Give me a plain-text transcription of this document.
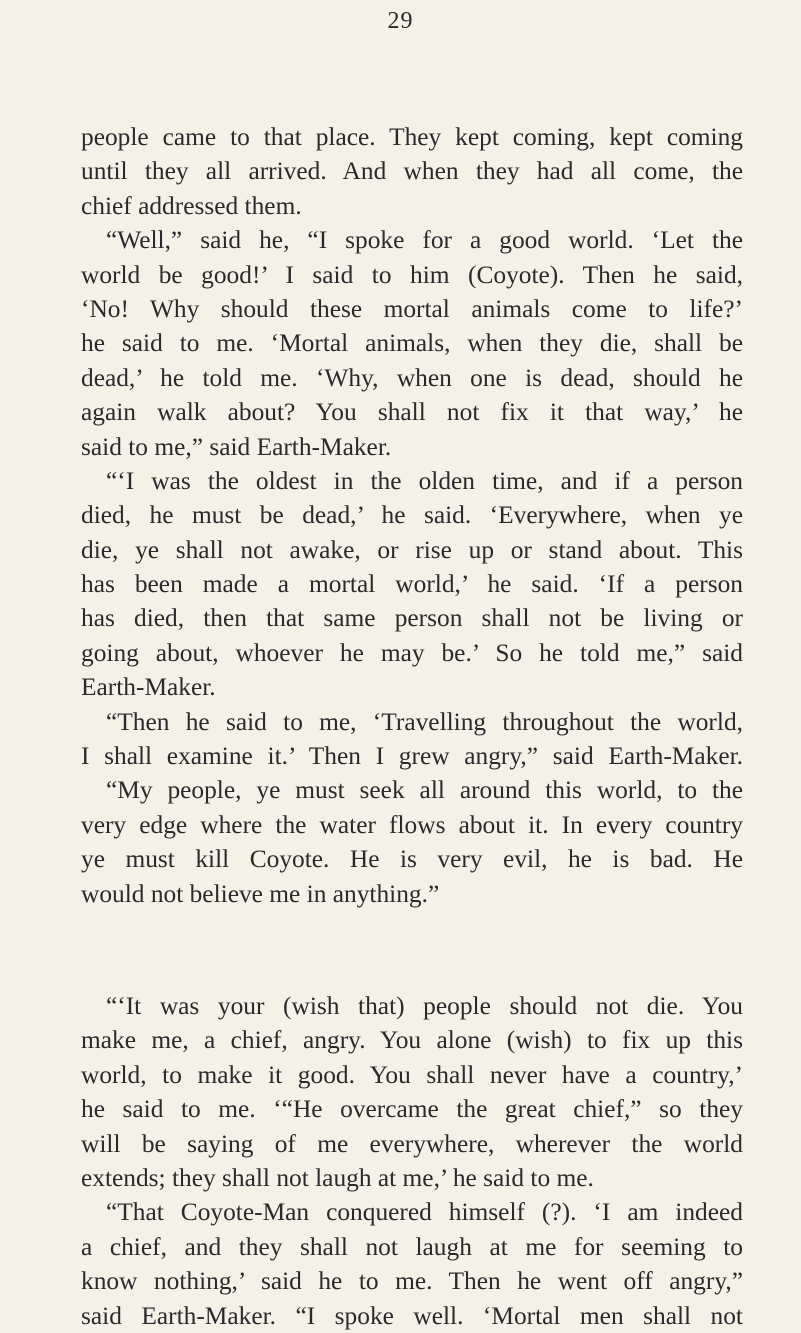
29
people came to that place. They kept coming, kept coming
until they all arrived. And when they had all come, the
chief addressed them.
“Well,” said he, “I spoke for a good world. ‘Let the
world be good!’ I said to him (Coyote). Then he said,
‘No! Why should these mortal animals come to life?’
he said to me. ‘Mortal animals, when they die, shall be
dead,’ he told me. ‘Why, when one is dead, should he
again walk about? You shall not fix it that way,’ he
said to me,” said Earth-Maker.
“‘I was the oldest in the olden time, and if a person
died, he must be dead,’ he said. ‘Everywhere, when ye
die, ye shall not awake, or rise up or stand about. This
has been made a mortal world,’ he said. ‘If a person
has died, then that same person shall not be living or
going about, whoever he may be.’ So he told me,” said
Earth-Maker.
“Then he said to me, ‘Travelling throughout the world,
I shall examine it.’ Then I grew angry,” said Earth-Maker.
“My people, ye must seek all around this world, to the
very edge where the water flows about it. In every country
ye must kill Coyote. He is very evil, he is bad. He
would not believe me in anything.”
“‘It was your (wish that) people should not die. You
make me, a chief, angry. You alone (wish) to fix up this
world, to make it good. You shall never have a country,’
he said to me. ‘“He overcame the great chief,” so they
will be saying of me everywhere, wherever the world
extends; they shall not laugh at me,’ he said to me.
“That Coyote-Man conquered himself (?). ‘I am indeed
a chief, and they shall not laugh at me for seeming to
know nothing,’ said he to me. Then he went off angry,”
said Earth-Maker. “I spoke well. ‘Mortal men shall not
